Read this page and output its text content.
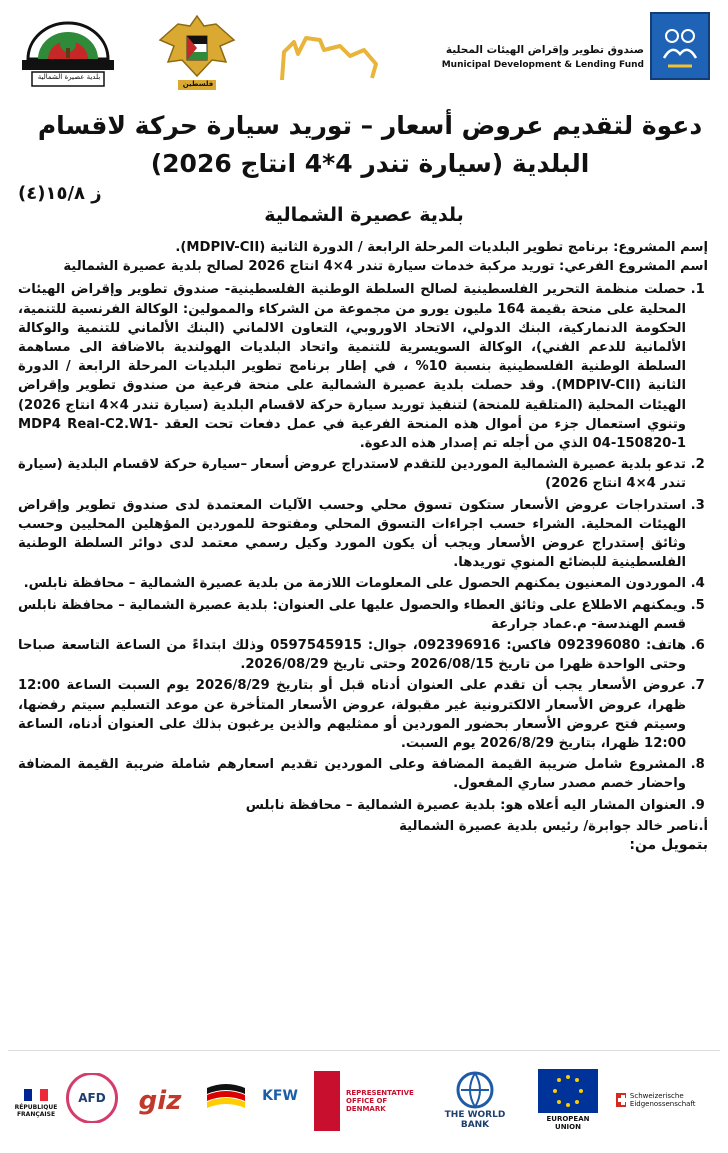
بلدية عصيرة الشمالية
فلسطين
صندوق تطوير وإقراض الهيئات المحلية
Municipal Development & Lending Fund
دعوة لتقديم عروض أسعار – توريد سيارة حركة لاقسام
البلدية (سيارة تندر 4*4 انتاج 2026)
ز ١٥/٨(٤)
بلدية عصيرة الشمالية

إسم المشروع: برنامج تطوير البلديات المرحلة الرابعة / الدورة الثانية (MDPIV-CII).

اسم المشروع الفرعي: توريد مركبة خدمات سيارة تندر 4×4 انتاج 2026 لصالح بلدية عصيرة الشمالية

1. حصلت منظمة التحرير الفلسطينية لصالح السلطة الوطنية الفلسطينية- صندوق تطوير وإقراض الهيئات المحلية على منحة بقيمة 164 مليون يورو من مجموعة من الشركاء والممولين: الوكالة الفرنسية للتنمية، الحكومة الدنماركية، البنك الدولي، الاتحاد الاوروبي، التعاون الالماني (البنك الألماني للتنمية والوكالة الألمانية للدعم الفني)، الوكالة السويسرية للتنمية واتحاد البلديات الهولندية بالاضافة الى مساهمة السلطة الوطنية الفلسطينية بنسبة 10% ، في إطار برنامج تطوير البلديات المرحلة الرابعة / الدورة الثانية (MDPIV-CII). وقد حصلت بلدية عصيرة الشمالية على منحة فرعية من صندوق تطوير وإقراض الهيئات المحلية (المتلقية للمنحة) لتنفيذ توريد سيارة حركة لاقسام البلدية (سيارة تندر 4×4 انتاج 2026) وتنوي استعمال جزء من أموال هذه المنحة الفرعية في عمل دفعات تحت العقد MDP4 Real-C2.W1-04-150820-1 الذي من أجله تم إصدار هذه الدعوة.
2. تدعو بلدية عصيرة الشمالية الموردين للتقدم لاستدراج عروض أسعار –سيارة حركة لاقسام البلدية (سيارة تندر 4×4 انتاج 2026)
3. استدراجات عروض الأسعار ستكون تسوق محلي وحسب الآليات المعتمدة لدى صندوق تطوير وإقراض الهيئات المحلية. الشراء حسب اجراءات التسوق المحلي ومفتوحة للموردين المؤهلين المحليين وحسب وثائق إستدراج عروض الأسعار ويجب أن يكون المورد وكيل رسمي معتمد لدى دوائر السلطة الوطنية الفلسطينية للبضائع المنوي توريدها.
4. الموردون المعنيون يمكنهم الحصول على المعلومات اللازمة من بلدية عصيرة الشمالية – محافظة نابلس.
5. ويمكنهم الاطلاع على وثائق العطاء والحصول عليها على العنوان: بلدية عصيرة الشمالية – محافظة نابلس قسم الهندسة- م.عماد جرارعة
6. هاتف: 092396080 فاكس: 092396916، جوال: 0597545915 وذلك ابتداءً من الساعة التاسعة صباحا وحتى الواحدة ظهرا من تاريخ 2026/08/15 وحتى تاريخ 2026/08/29.
7. عروض الأسعار يجب أن تقدم على العنوان أدناه قبل أو بتاريخ 2026/8/29 يوم السبت الساعة 12:00 ظهرا، عروض الأسعار الالكترونية غير مقبولة، عروض الأسعار المتأخرة عن موعد التسليم سيتم رفضها، وسيتم فتح عروض الأسعار بحضور الموردين أو ممثليهم والذين يرغبون بذلك على العنوان أدناه، الساعة 12:00 ظهرا، بتاريخ 2026/8/29 يوم السبت.
8. المشروع شامل ضريبة القيمة المضافة وعلى الموردين تقديم اسعارهم شاملة ضريبة القيمة المضافة واحضار خصم مصدر ساري المفعول.
9. العنوان المشار اليه أعلاه هو: بلدية عصيرة الشمالية – محافظة نابلس

أ.ناصر خالد جوابرة/ رئيس بلدية عصيرة الشمالية

بتمويل من:

Schweizerische Eidgenossenschaft
EUROPEAN UNION
THE WORLD BANK
REPRESENTATIVE OFFICE OF DENMARK
KFW
giz
AFD
RÉPUBLIQUE FRANÇAISE
